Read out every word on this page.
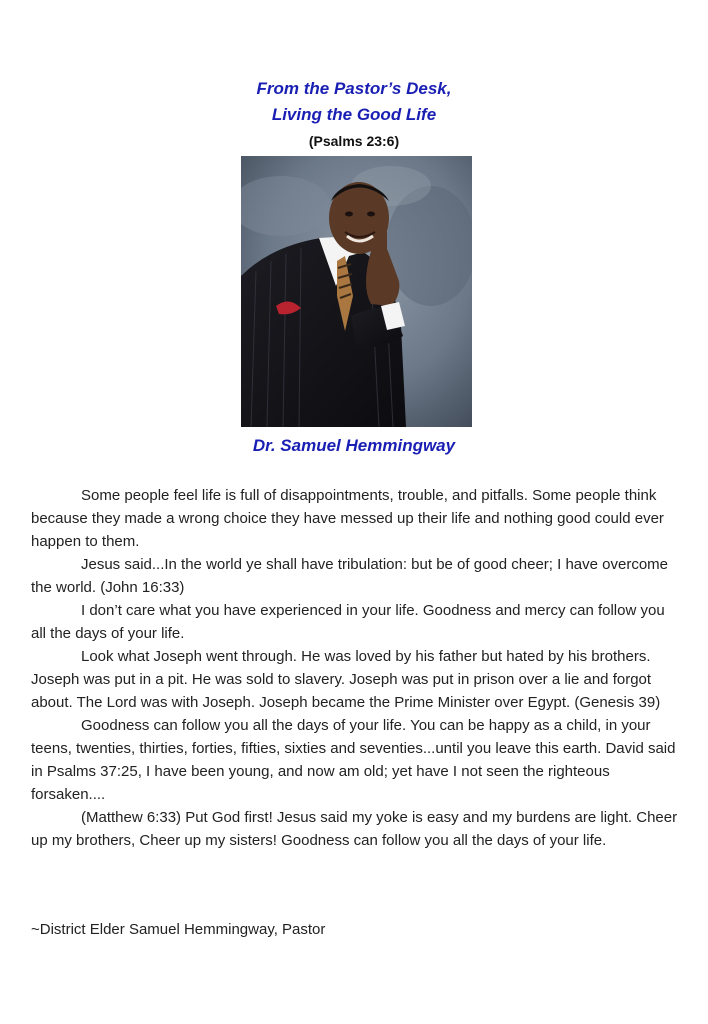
From the Pastor’s Desk,
Living the Good Life
(Psalms 23:6)
Dr. Samuel Hemmingway

Some people feel life is full of disappointments, trouble, and pitfalls. Some people think because they made a wrong choice they have messed up their life and nothing good could ever happen to them.

Jesus said...In the world ye shall have tribulation: but be of good cheer; I have overcome the world. (John 16:33)

I don’t care what you have experienced in your life. Goodness and mercy can follow you all the days of your life.

Look what Joseph went through. He was loved by his father but hated by his brothers. Joseph was put in a pit. He was sold to slavery. Joseph was put in prison over a lie and forgot about. The Lord was with Joseph. Joseph became the Prime Minister over Egypt. (Genesis 39)

Goodness can follow you all the days of your life. You can be happy as a child, in your teens, twenties, thirties, forties, fifties, sixties and seventies...until you leave this earth. David said in Psalms 37:25, I have been young, and now am old; yet have I not seen the righteous forsaken....

(Matthew 6:33) Put God first! Jesus said my yoke is easy and my burdens are light. Cheer up my brothers, Cheer up my sisters! Goodness can follow you all the days of your life.

~District Elder Samuel Hemmingway, Pastor
